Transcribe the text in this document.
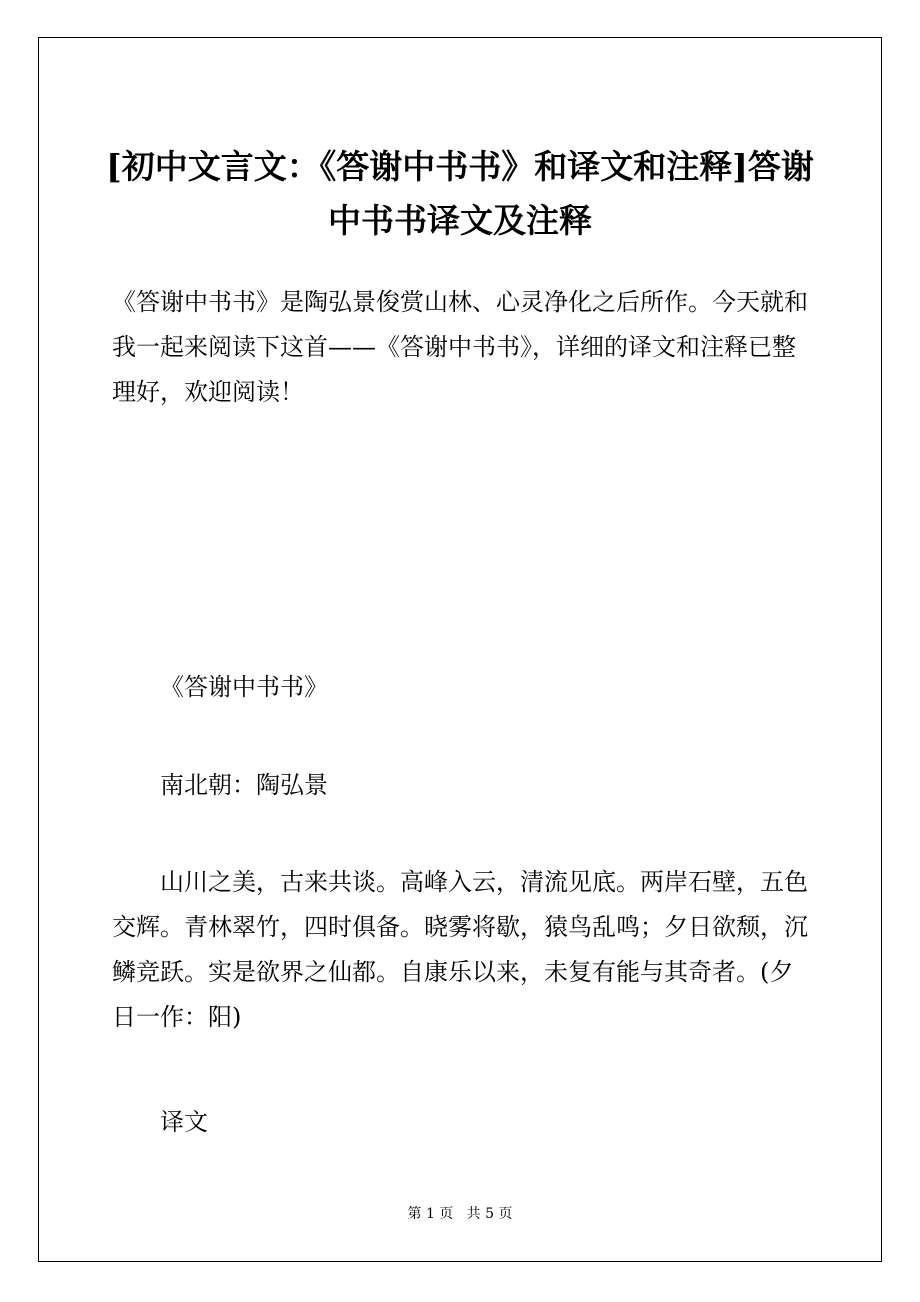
[初中文言文：《答谢中书书》和译文和注释]答谢中书书译文及注释

《答谢中书书》是陶弘景俊赏山林、心灵净化之后所作。今天就和我一起来阅读下这首——《答谢中书书》，详细的译文和注释已整理好，欢迎阅读！

《答谢中书书》

南北朝：陶弘景

山川之美，古来共谈。高峰入云，清流见底。两岸石壁，五色交辉。青林翠竹，四时俱备。晓雾将歇，猿鸟乱鸣；夕日欲颓，沉鳞竞跃。实是欲界之仙都。自康乐以来，未复有能与其奇者。(夕日一作：阳)

译文

第 1 页 共 5 页
